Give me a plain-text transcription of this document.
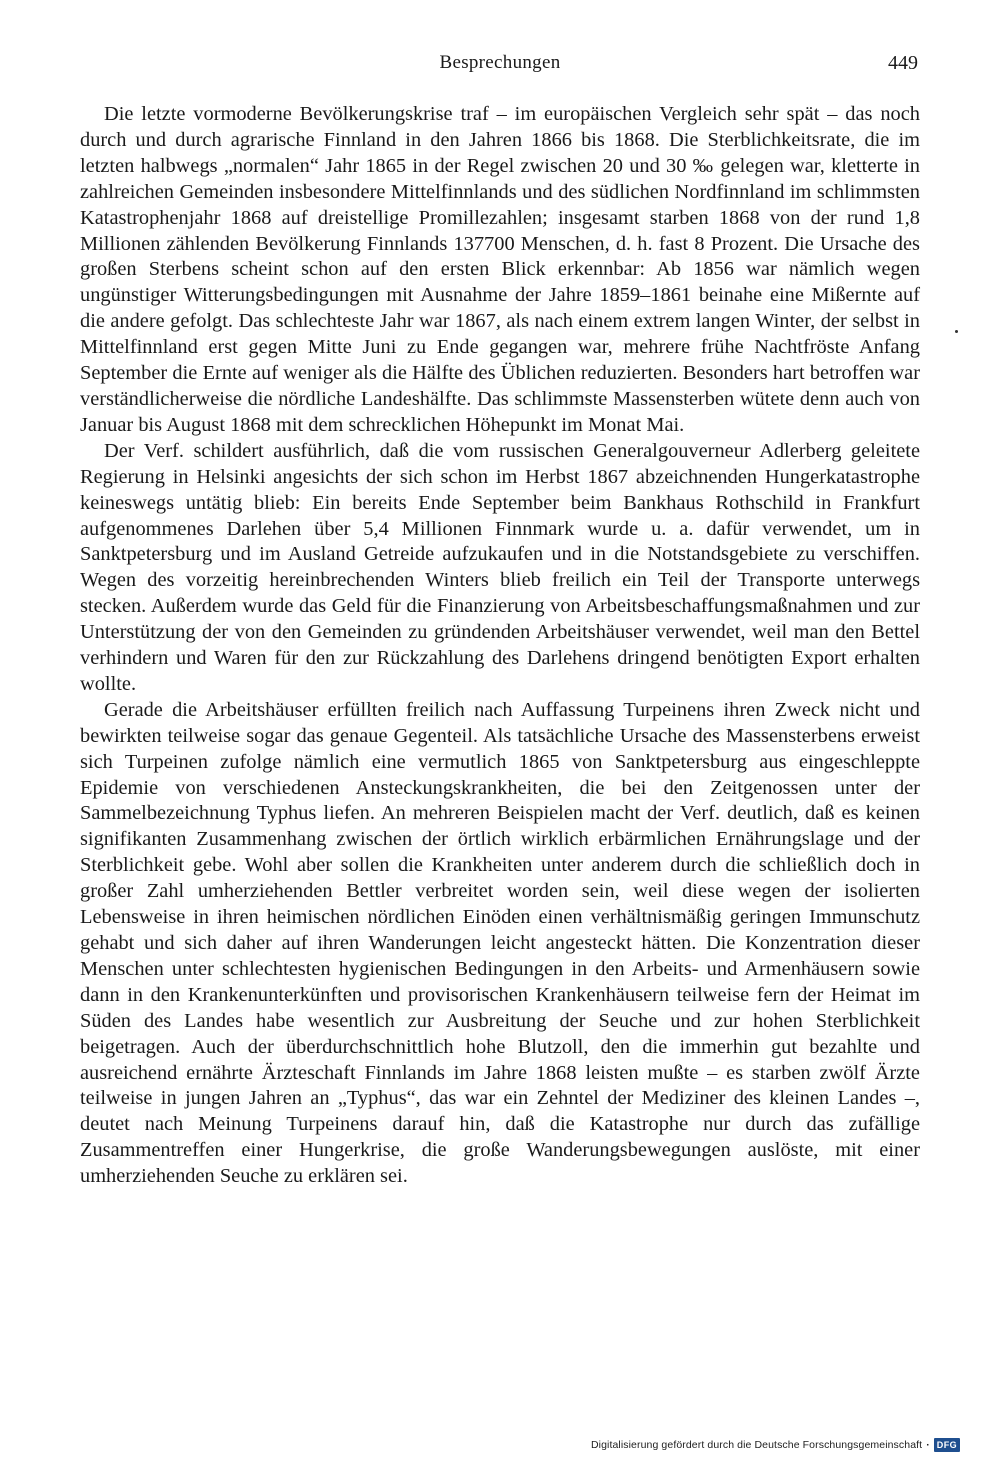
Besprechungen	449

Die letzte vormoderne Bevölkerungskrise traf – im europäischen Vergleich sehr spät – das noch durch und durch agrarische Finnland in den Jahren 1866 bis 1868. Die Sterblichkeitsrate, die im letzten halbwegs „normalen“ Jahr 1865 in der Regel zwischen 20 und 30 ‰ gelegen war, kletterte in zahlreichen Gemeinden insbesondere Mittelfinnlands und des südlichen Nordfinnland im schlimmsten Katastrophenjahr 1868 auf dreistellige Promillezahlen; insgesamt starben 1868 von der rund 1,8 Millionen zählenden Bevölkerung Finnlands 137700 Menschen, d. h. fast 8 Prozent. Die Ursache des großen Sterbens scheint schon auf den ersten Blick erkennbar: Ab 1856 war nämlich wegen ungünstiger Witterungsbedingungen mit Ausnahme der Jahre 1859–1861 beinahe eine Mißernte auf die andere gefolgt. Das schlechteste Jahr war 1867, als nach einem extrem langen Winter, der selbst in Mittelfinnland erst gegen Mitte Juni zu Ende gegangen war, mehrere frühe Nachtfröste Anfang September die Ernte auf weniger als die Hälfte des Üblichen reduzierten. Besonders hart betroffen war verständlicherweise die nördliche Landeshälfte. Das schlimmste Massensterben wütete denn auch von Januar bis August 1868 mit dem schrecklichen Höhepunkt im Monat Mai.

Der Verf. schildert ausführlich, daß die vom russischen Generalgouverneur Adlerberg geleitete Regierung in Helsinki angesichts der sich schon im Herbst 1867 abzeichnenden Hungerkatastrophe keineswegs untätig blieb: Ein bereits Ende September beim Bankhaus Rothschild in Frankfurt aufgenommenes Darlehen über 5,4 Millionen Finnmark wurde u. a. dafür verwendet, um in Sanktpetersburg und im Ausland Getreide aufzukaufen und in die Notstandsgebiete zu verschiffen. Wegen des vorzeitig hereinbrechenden Winters blieb freilich ein Teil der Transporte unterwegs stecken. Außerdem wurde das Geld für die Finanzierung von Arbeitsbeschaffungsmaßnahmen und zur Unterstützung der von den Gemeinden zu gründenden Arbeitshäuser verwendet, weil man den Bettel verhindern und Waren für den zur Rückzahlung des Darlehens dringend benötigten Export erhalten wollte.

Gerade die Arbeitshäuser erfüllten freilich nach Auffassung Turpeinens ihren Zweck nicht und bewirkten teilweise sogar das genaue Gegenteil. Als tatsächliche Ursache des Massensterbens erweist sich Turpeinen zufolge nämlich eine vermutlich 1865 von Sanktpetersburg aus eingeschleppte Epidemie von verschiedenen Ansteckungskrankheiten, die bei den Zeitgenossen unter der Sammelbezeichnung Typhus liefen. An mehreren Beispielen macht der Verf. deutlich, daß es keinen signifikanten Zusammenhang zwischen der örtlich wirklich erbärmlichen Ernährungslage und der Sterblichkeit gebe. Wohl aber sollen die Krankheiten unter anderem durch die schließlich doch in großer Zahl umherziehenden Bettler verbreitet worden sein, weil diese wegen der isolierten Lebensweise in ihren heimischen nördlichen Einöden einen verhältnismäßig geringen Immunschutz gehabt und sich daher auf ihren Wanderungen leicht angesteckt hätten. Die Konzentration dieser Menschen unter schlechtesten hygienischen Bedingungen in den Arbeits- und Armenhäusern sowie dann in den Krankenunterkünften und provisorischen Krankenhäusern teilweise fern der Heimat im Süden des Landes habe wesentlich zur Ausbreitung der Seuche und zur hohen Sterblichkeit beigetragen. Auch der überdurchschnittlich hohe Blutzoll, den die immerhin gut bezahlte und ausreichend ernährte Ärzteschaft Finnlands im Jahre 1868 leisten mußte – es starben zwölf Ärzte teilweise in jungen Jahren an „Typhus“, das war ein Zehntel der Mediziner des kleinen Landes –, deutet nach Meinung Turpeinens darauf hin, daß die Katastrophe nur durch das zufällige Zusammentreffen einer Hungerkrise, die große Wanderungsbewegungen auslöste, mit einer umherziehenden Seuche zu erklären sei.

Digitalisierung gefördert durch die Deutsche Forschungsgemeinschaft · DFG
